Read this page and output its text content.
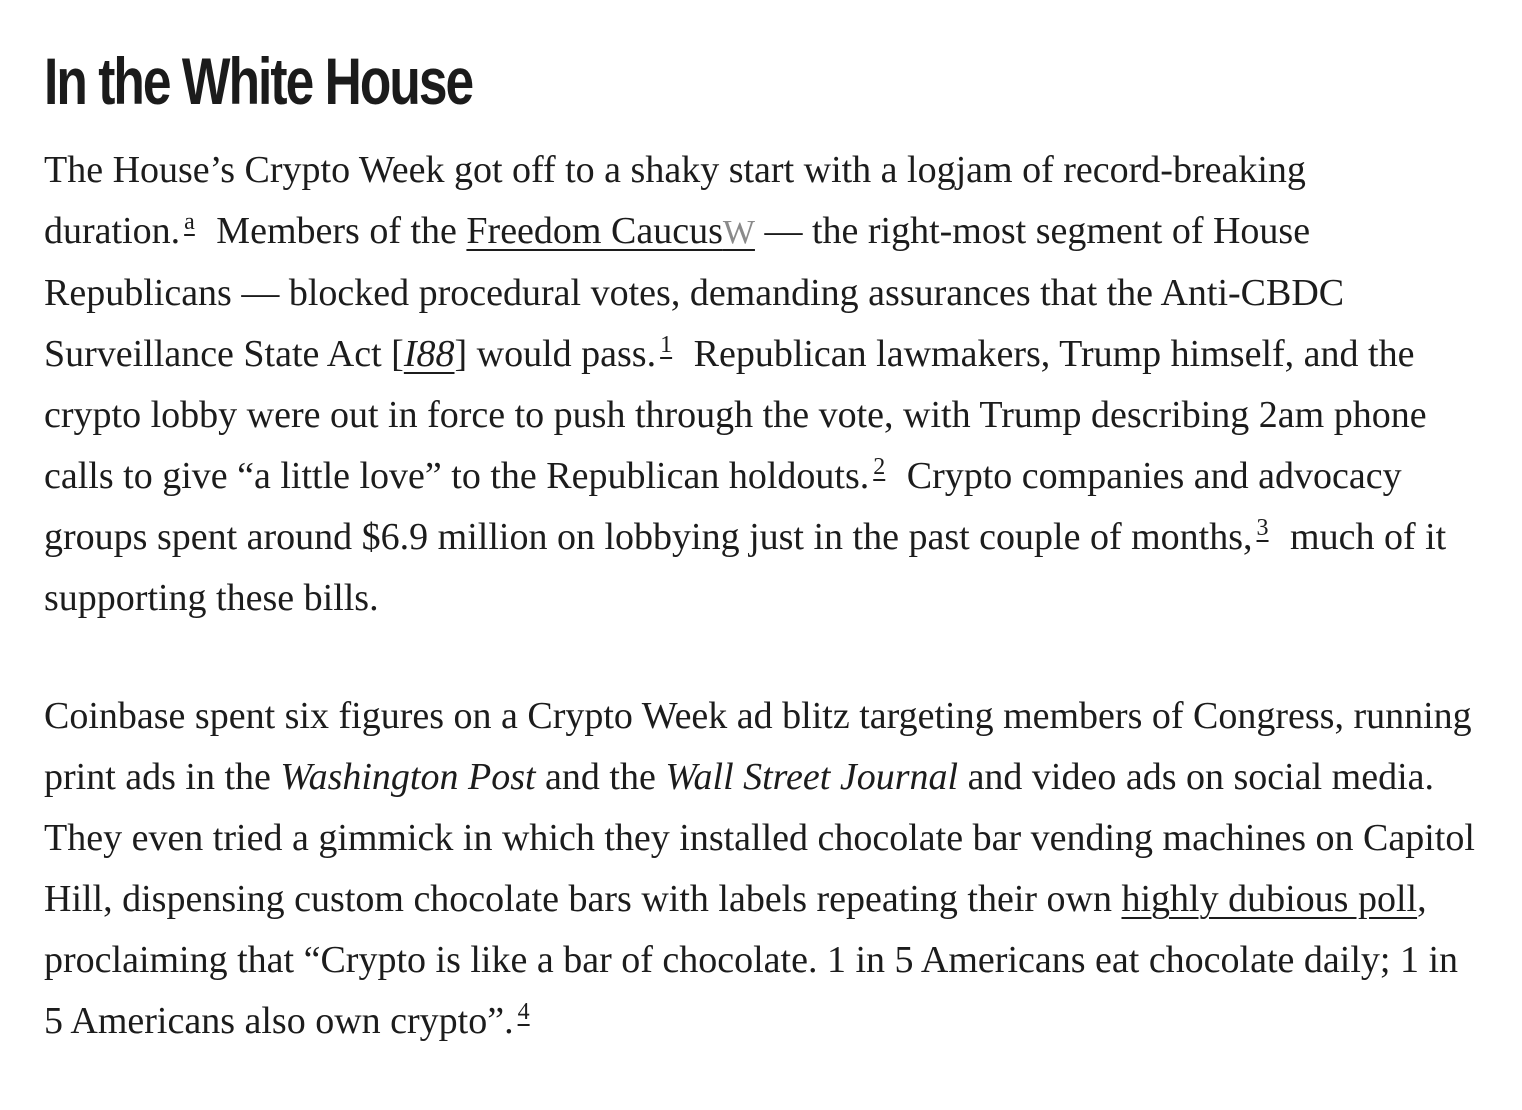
In the White House

The House’s Crypto Week got off to a shaky start with a logjam of record-breaking duration. $^a$ Members of the Freedom CaucusW — the right-most segment of House Republicans — blocked procedural votes, demanding assurances that the Anti-CBDC Surveillance State Act [I88] would pass. $^1$ Republican lawmakers, Trump himself, and the crypto lobby were out in force to push through the vote, with Trump describing 2am phone calls to give “a little love” to the Republican holdouts. $^2$ Crypto companies and advocacy groups spent around $6.9 million on lobbying just in the past couple of months, $^3$ much of it supporting these bills.

Coinbase spent six figures on a Crypto Week ad blitz targeting members of Congress, running print ads in the Washington Post and the Wall Street Journal and video ads on social media. They even tried a gimmick in which they installed chocolate bar vending machines on Capitol Hill, dispensing custom chocolate bars with labels repeating their own highly dubious poll, proclaiming that “Crypto is like a bar of chocolate. 1 in 5 Americans eat chocolate daily; 1 in 5 Americans also own crypto”. $^4$
